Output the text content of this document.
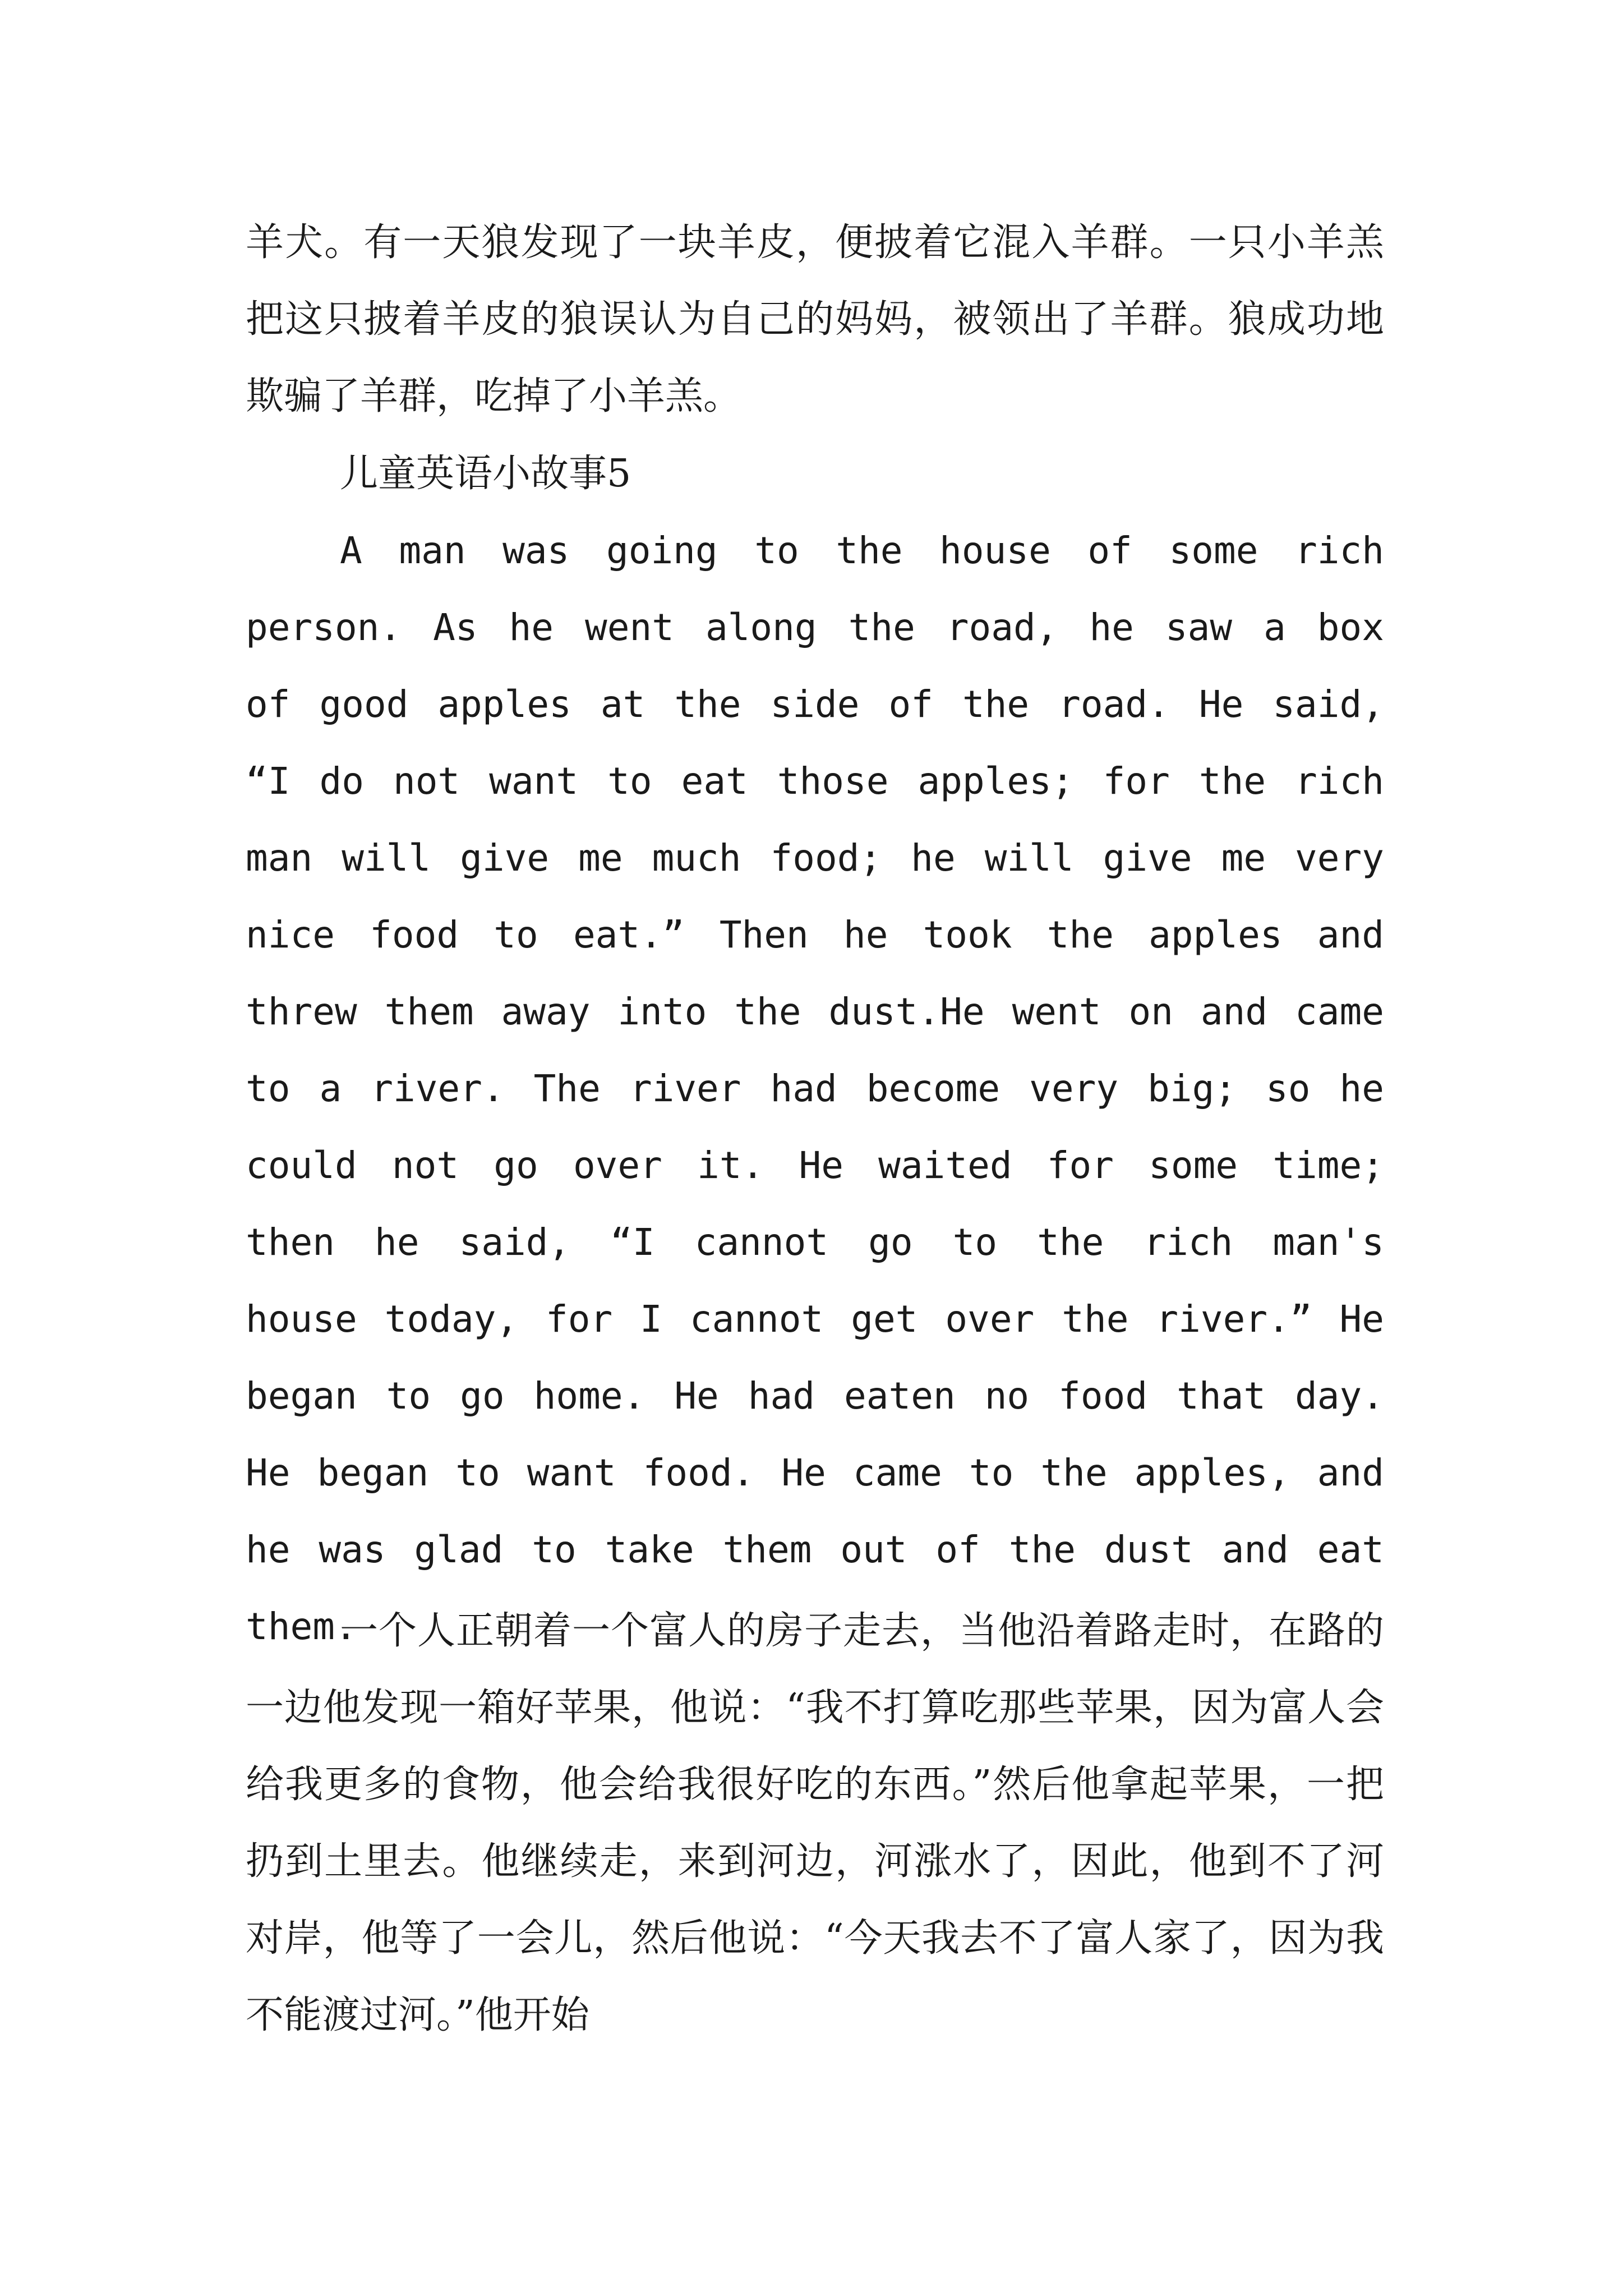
羊犬。有一天狼发现了一块羊皮，便披着它混入羊群。一只小羊羔把这只披着羊皮的狼误认为自己的妈妈，被领出了羊群。狼成功地欺骗了羊群，吃掉了小羊羔。

儿童英语小故事5

A man was going to the house of some rich person. As he went along the road, he saw a box of good apples at the side of the road. He said, “I do not want to eat those apples; for the rich man will give me much food; he will give me very nice food to eat.” Then he took the apples and threw them away into the dust.He went on and came to a river. The river had become very big; so he could not go over it. He waited for some time; then he said, “I cannot go to the rich man's house today, for I cannot get over the river.” He began to go home. He had eaten no food that day. He began to want food. He came to the apples, and he was glad to take them out of the dust and eat them.

一个人正朝着一个富人的房子走去，当他沿着路走时，在路的一边他发现一箱好苹果，他说：“我不打算吃那些苹果，因为富人会给我更多的食物，他会给我很好吃的东西。”然后他拿起苹果，一把扔到土里去。他继续走，来到河边，河涨水了，因此，他到不了河对岸，他等了一会儿，然后他说：“今天我去不了富人家了，因为我不能渡过河。”他开始
